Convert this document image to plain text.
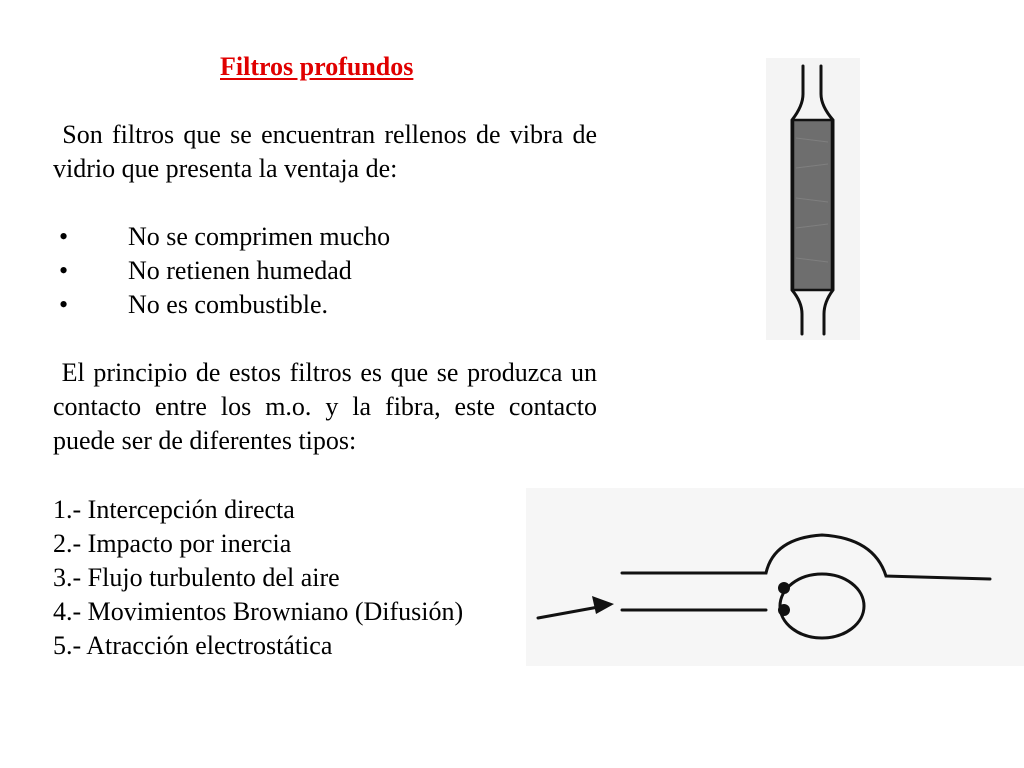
Filtros profundos
Son filtros que se encuentran rellenos de vibra de vidrio que presenta la ventaja de:
• No se comprimen mucho
• No retienen humedad
• No es combustible.
El principio de estos filtros es que se produzca un contacto entre los m.o. y la fibra, este contacto puede ser de diferentes tipos:
1.- Intercepción directa
2.- Impacto por inercia
3.- Flujo turbulento del aire
4.- Movimientos Browniano (Difusión)
5.- Atracción electrostática
